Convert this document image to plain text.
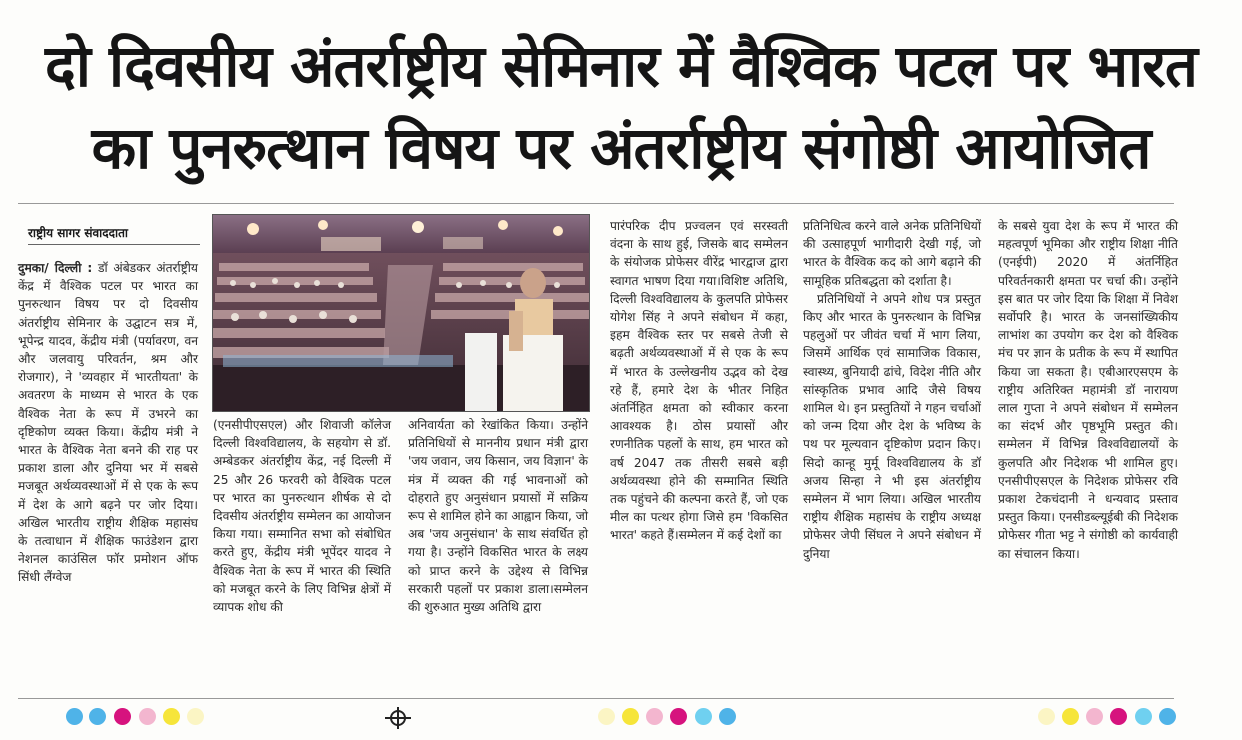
दो दिवसीय अंतर्राष्ट्रीय सेमिनार में वैश्विक पटल पर भारत
का पुनरुत्थान विषय पर अंतर्राष्ट्रीय संगोष्ठी आयोजित
राष्ट्रीय सागर संवाददाता

दुमका/ दिल्ली : डॉ अंबेडकर अंतर्राष्ट्रीय केंद्र में वैश्विक पटल पर भारत का पुनरुत्थान विषय पर दो दिवसीय अंतर्राष्ट्रीय सेमिनार के उद्घाटन सत्र में, भूपेन्द्र यादव, केंद्रीय मंत्री (पर्यावरण, वन और जलवायु परिवर्तन, श्रम और रोजगार), ने 'व्यवहार में भारतीयता' के अवतरण के माध्यम से भारत के एक वैश्विक नेता के रूप में उभरने का दृष्टिकोण व्यक्त किया। केंद्रीय मंत्री ने भारत के वैश्विक नेता बनने की राह पर प्रकाश डाला और दुनिया भर में सबसे मजबूत अर्थव्यवस्थाओं में से एक के रूप में देश के आगे बढ़ने पर जोर दिया। अखिल भारतीय राष्ट्रीय शैक्षिक महासंघ के तत्वाधान में शैक्षिक फाउंडेशन द्वारा नेशनल काउंसिल फॉर प्रमोशन ऑफ सिंधी लैंग्वेज

(एनसीपीएसएल) और शिवाजी कॉलेज दिल्ली विश्वविद्यालय, के सहयोग से डॉ. अम्बेडकर अंतर्राष्ट्रीय केंद्र, नई दिल्ली में 25 और 26 फरवरी को वैश्विक पटल पर भारत का पुनरुत्थान शीर्षक से दो दिवसीय अंतर्राष्ट्रीय सम्मेलन का आयोजन किया गया। सम्मानित सभा को संबोधित करते हुए, केंद्रीय मंत्री भूपेंदर यादव ने वैश्विक नेता के रूप में भारत की स्थिति को मजबूत करने के लिए विभिन्न क्षेत्रों में व्यापक शोध की

अनिवार्यता को रेखांकित किया। उन्होंने प्रतिनिधियों से माननीय प्रधान मंत्री द्वारा 'जय जवान, जय किसान, जय विज्ञान' के मंत्र में व्यक्त की गई भावनाओं को दोहराते हुए अनुसंधान प्रयासों में सक्रिय रूप से शामिल होने का आह्वान किया, जो अब 'जय अनुसंधान' के साथ संवर्धित हो गया है। उन्होंने विकसित भारत के लक्ष्य को प्राप्त करने के उद्देश्य से विभिन्न सरकारी पहलों पर प्रकाश डाला।सम्मेलन की शुरुआत मुख्य अतिथि द्वारा

पारंपरिक दीप प्रज्वलन एवं सरस्वती वंदना के साथ हुई, जिसके बाद सम्मेलन के संयोजक प्रोफेसर वीरेंद्र भारद्वाज द्वारा स्वागत भाषण दिया गया।विशिष्ट अतिथि, दिल्ली विश्वविद्यालय के कुलपति प्रोफेसर योगेश सिंह ने अपने संबोधन में कहा, इहम वैश्विक स्तर पर सबसे तेजी से बढ़ती अर्थव्यवस्थाओं में से एक के रूप में भारत के उल्लेखनीय उद्भव को देख रहे हैं, हमारे देश के भीतर निहित अंतर्निहित क्षमता को स्वीकार करना आवश्यक है। ठोस प्रयासों और रणनीतिक पहलों के साथ, हम भारत को वर्ष 2047 तक तीसरी सबसे बड़ी अर्थव्यवस्था होने की सम्मानित स्थिति तक पहुंचने की कल्पना करते हैं, जो एक मील का पत्थर होगा जिसे हम 'विकसित भारत' कहते हैं।सम्मेलन में कई देशों का

प्रतिनिधित्व करने वाले अनेक प्रतिनिधियों की उत्साहपूर्ण भागीदारी देखी गई, जो भारत के वैश्विक कद को आगे बढ़ाने की सामूहिक प्रतिबद्धता को दर्शाता है।

प्रतिनिधियों ने अपने शोध पत्र प्रस्तुत किए और भारत के पुनरुत्थान के विभिन्न पहलुओं पर जीवंत चर्चा में भाग लिया, जिसमें आर्थिक एवं सामाजिक विकास, स्वास्थ्य, बुनियादी ढांचे, विदेश नीति और सांस्कृतिक प्रभाव आदि जैसे विषय शामिल थे। इन प्रस्तुतियों ने गहन चर्चाओं को जन्म दिया और देश के भविष्य के पथ पर मूल्यवान दृष्टिकोण प्रदान किए। सिदो कान्हू मुर्मू विश्वविद्यालय के डॉ अजय सिन्हा ने भी इस अंतर्राष्ट्रीय सम्मेलन में भाग लिया। अखिल भारतीय राष्ट्रीय शैक्षिक महासंघ के राष्ट्रीय अध्यक्ष प्रोफेसर जेपी सिंघल ने अपने संबोधन में दुनिया

के सबसे युवा देश के रूप में भारत की महत्वपूर्ण भूमिका और राष्ट्रीय शिक्षा नीति (एनईपी) 2020 में अंतर्निहित परिवर्तनकारी क्षमता पर चर्चा की। उन्होंने इस बात पर जोर दिया कि शिक्षा में निवेश सर्वोपरि है। भारत के जनसांख्यिकीय लाभांश का उपयोग कर देश को वैश्विक मंच पर ज्ञान के प्रतीक के रूप में स्थापित किया जा सकता है। एबीआरएसएम के राष्ट्रीय अतिरिक्त महामंत्री डॉ नारायण लाल गुप्ता ने अपने संबोधन में सम्मेलन का संदर्भ और पृष्ठभूमि प्रस्तुत की। सम्मेलन में विभिन्न विश्वविद्यालयों के कुलपति और निदेशक भी शामिल हुए। एनसीपीएसएल के निदेशक प्रोफेसर रवि प्रकाश टेकचंदानी ने धन्यवाद प्रस्ताव प्रस्तुत किया। एनसीडब्ल्यूईबी की निदेशक प्रोफेसर गीता भट्ट ने संगोष्ठी को कार्यवाही का संचालन किया।
